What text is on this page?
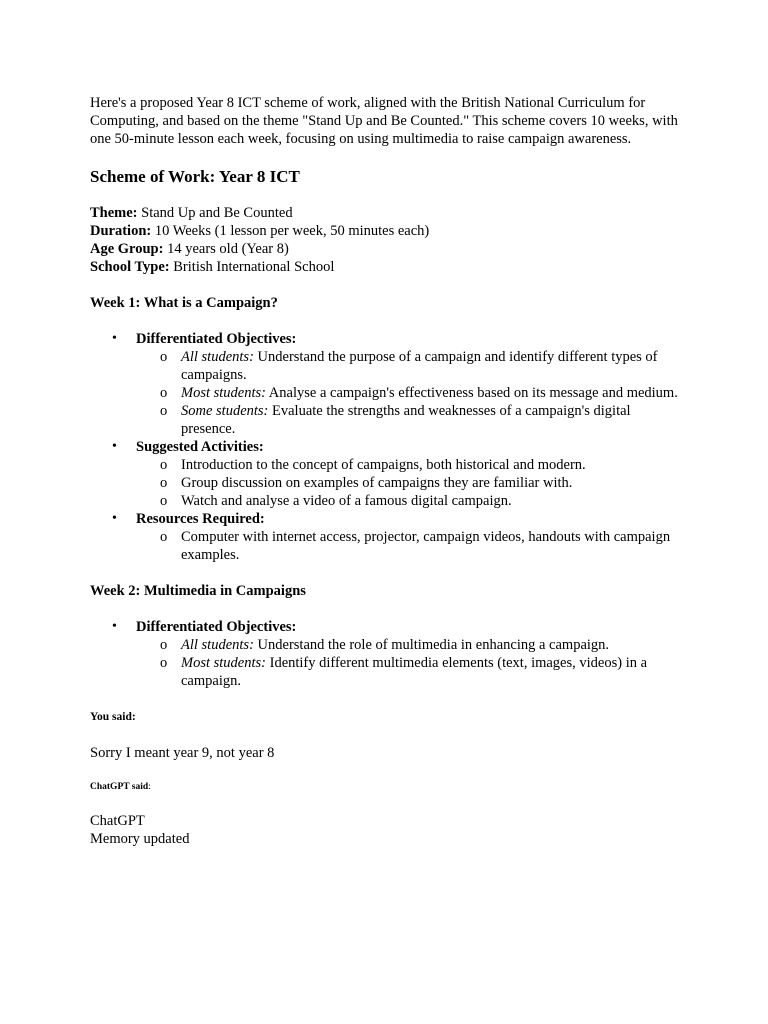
Here's a proposed Year 8 ICT scheme of work, aligned with the British National Curriculum for Computing, and based on the theme "Stand Up and Be Counted." This scheme covers 10 weeks, with one 50-minute lesson each week, focusing on using multimedia to raise campaign awareness.

Scheme of Work: Year 8 ICT
Theme: Stand Up and Be Counted
Duration: 10 Weeks (1 lesson per week, 50 minutes each)
Age Group: 14 years old (Year 8)
School Type: British International School
Week 1: What is a Campaign?
• Differentiated Objectives:
o All students: Understand the purpose of a campaign and identify different types of campaigns.
o Most students: Analyse a campaign's effectiveness based on its message and medium.
o Some students: Evaluate the strengths and weaknesses of a campaign's digital presence.
• Suggested Activities:
o Introduction to the concept of campaigns, both historical and modern.
o Group discussion on examples of campaigns they are familiar with.
o Watch and analyse a video of a famous digital campaign.
• Resources Required:
o Computer with internet access, projector, campaign videos, handouts with campaign examples.
Week 2: Multimedia in Campaigns
• Differentiated Objectives:
o All students: Understand the role of multimedia in enhancing a campaign.
o Most students: Identify different multimedia elements (text, images, videos) in a campaign.

You said:

Sorry I meant year 9, not year 8

ChatGPT said:

ChatGPT

Memory updated
